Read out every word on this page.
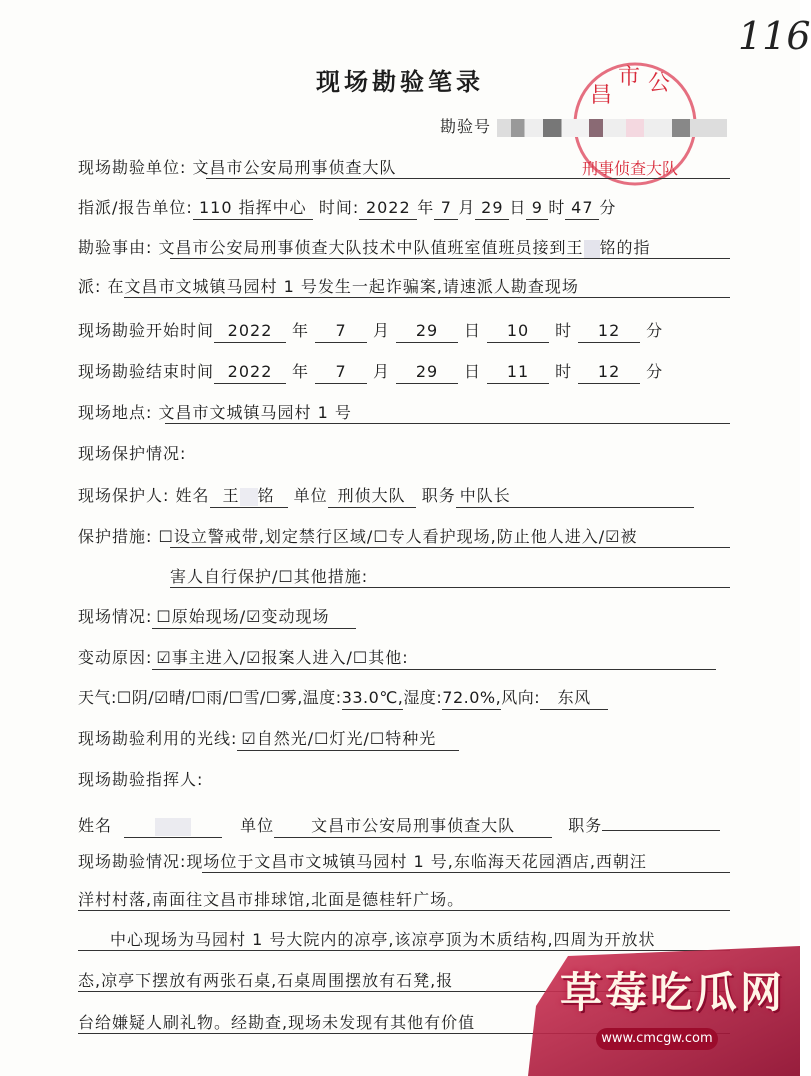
116
昌
市 公
刑事侦查大队
现场勘验笔录
勘验号
现场勘验单位: 文昌市公安局刑事侦查大队
指派/报告单位: 110 指挥中心 时间: 2022 年 7 月 29 日 9 时 47 分
勘验事由: 文昌市公安局刑事侦查大队技术中队值班室值班员接到王 铭的指
派: 在文昌市文城镇马园村 1 号发生一起诈骗案,请速派人勘查现场
现场勘验开始时间 2022 年 7 月 29 日 10 时 12 分
现场勘验结束时间 2022 年 7 月 29 日 11 时 12 分
现场地点: 文昌市文城镇马园村 1 号
现场保护情况:
现场保护人: 姓名 王 铭 单位 刑侦大队 职务 中队长
保护措施: ☐设立警戒带,划定禁行区域/☐专人看护现场,防止他人进入/☑被
害人自行保护/☐其他措施:
现场情况: ☐原始现场/☑变动现场
变动原因: ☑事主进入/☑报案人进入/☐其他:
天气:☐阴/☑晴/☐雨/☐雪/☐雾,温度:33.0℃,湿度:72.0%,风向: 东风
现场勘验利用的光线: ☑自然光/☐灯光/☐特种光
现场勘验指挥人:
姓名	单位 文昌市公安局刑事侦查大队	职务
现场勘验情况:现场位于文昌市文城镇马园村 1 号,东临海天花园酒店,西朝汪
洋村村落,南面往文昌市排球馆,北面是德桂轩广场。
中心现场为马园村 1 号大院内的凉亭,该凉亭顶为木质结构,四周为开放状
态,凉亭下摆放有两张石桌,石桌周围摆放有石凳,报
台给嫌疑人刷礼物。经勘查,现场未发现有其他有价值
草莓吃瓜网
www.cmcgw.com
